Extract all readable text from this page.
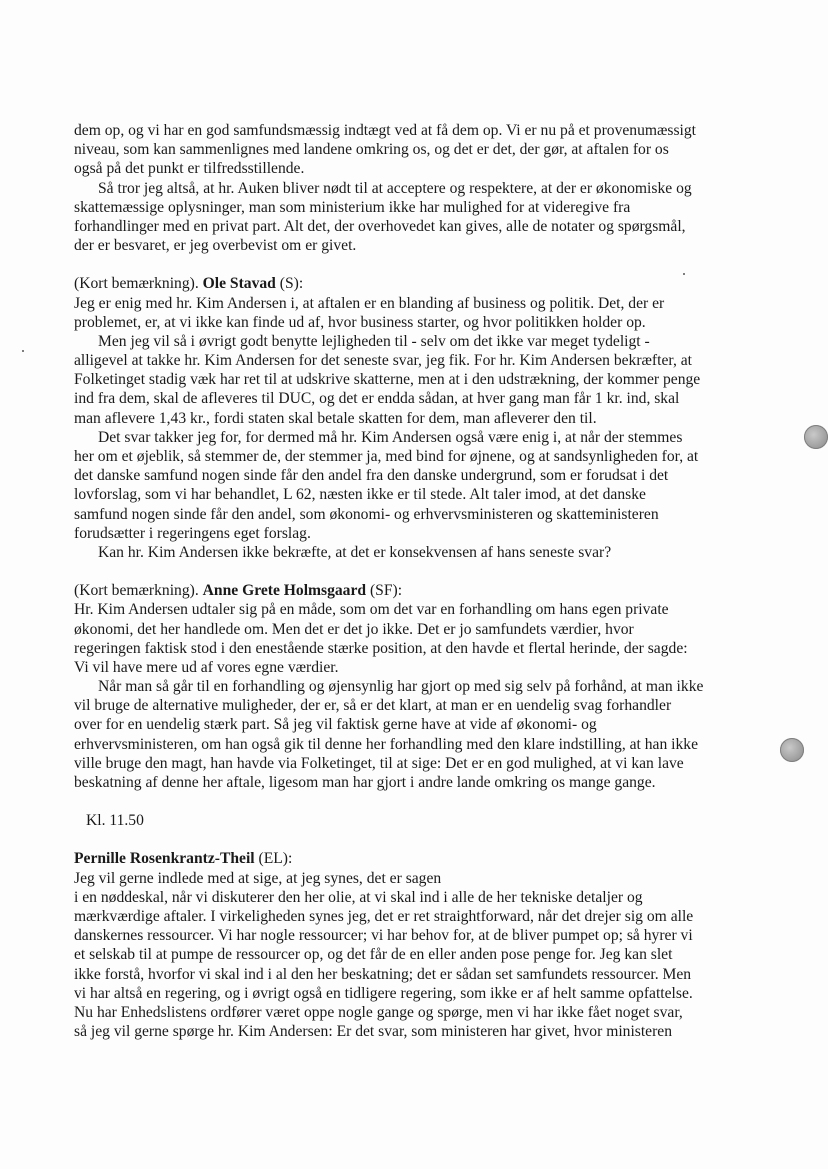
dem op, og vi har en god samfundsmæssig indtægt ved at få dem op. Vi er nu på et provenumæssigt
niveau, som kan sammenlignes med landene omkring os, og det er det, der gør, at aftalen for os
også på det punkt er tilfredsstillende.
Så tror jeg altså, at hr. Auken bliver nødt til at acceptere og respektere, at der er økonomiske og
skattemæssige oplysninger, man som ministerium ikke har mulighed for at videregive fra
forhandlinger med en privat part. Alt det, der overhovedet kan gives, alle de notater og spørgsmål,
der er besvaret, er jeg overbevist om er givet.
(Kort bemærkning). Ole Stavad (S):
Jeg er enig med hr. Kim Andersen i, at aftalen er en blanding af business og politik. Det, der er
problemet, er, at vi ikke kan finde ud af, hvor business starter, og hvor politikken holder op.
Men jeg vil så i øvrigt godt benytte lejligheden til - selv om det ikke var meget tydeligt -
alligevel at takke hr. Kim Andersen for det seneste svar, jeg fik. For hr. Kim Andersen bekræfter, at
Folketinget stadig væk har ret til at udskrive skatterne, men at i den udstrækning, der kommer penge
ind fra dem, skal de afleveres til DUC, og det er endda sådan, at hver gang man får 1 kr. ind, skal
man aflevere 1,43 kr., fordi staten skal betale skatten for dem, man afleverer den til.
Det svar takker jeg for, for dermed må hr. Kim Andersen også være enig i, at når der stemmes
her om et øjeblik, så stemmer de, der stemmer ja, med bind for øjnene, og at sandsynligheden for, at
det danske samfund nogen sinde får den andel fra den danske undergrund, som er forudsat i det
lovforslag, som vi har behandlet, L 62, næsten ikke er til stede. Alt taler imod, at det danske
samfund nogen sinde får den andel, som økonomi- og erhvervsministeren og skatteministeren
forudsætter i regeringens eget forslag.
Kan hr. Kim Andersen ikke bekræfte, at det er konsekvensen af hans seneste svar?
(Kort bemærkning). Anne Grete Holmsgaard (SF):
Hr. Kim Andersen udtaler sig på en måde, som om det var en forhandling om hans egen private
økonomi, det her handlede om. Men det er det jo ikke. Det er jo samfundets værdier, hvor
regeringen faktisk stod i den enestående stærke position, at den havde et flertal herinde, der sagde:
Vi vil have mere ud af vores egne værdier.
Når man så går til en forhandling og øjensynlig har gjort op med sig selv på forhånd, at man ikke
vil bruge de alternative muligheder, der er, så er det klart, at man er en uendelig svag forhandler
over for en uendelig stærk part. Så jeg vil faktisk gerne have at vide af økonomi- og
erhvervsministeren, om han også gik til denne her forhandling med den klare indstilling, at han ikke
ville bruge den magt, han havde via Folketinget, til at sige: Det er en god mulighed, at vi kan lave
beskatning af denne her aftale, ligesom man har gjort i andre lande omkring os mange gange.
Kl. 11.50
Pernille Rosenkrantz-Theil (EL):
Jeg vil gerne indlede med at sige, at jeg synes, det er sagen
i en nøddeskal, når vi diskuterer den her olie, at vi skal ind i alle de her tekniske detaljer og
mærkværdige aftaler. I virkeligheden synes jeg, det er ret straightforward, når det drejer sig om alle
danskernes ressourcer. Vi har nogle ressourcer; vi har behov for, at de bliver pumpet op; så hyrer vi
et selskab til at pumpe de ressourcer op, og det får de en eller anden pose penge for. Jeg kan slet
ikke forstå, hvorfor vi skal ind i al den her beskatning; det er sådan set samfundets ressourcer. Men
vi har altså en regering, og i øvrigt også en tidligere regering, som ikke er af helt samme opfattelse.
Nu har Enhedslistens ordfører været oppe nogle gange og spørge, men vi har ikke fået noget svar,
så jeg vil gerne spørge hr. Kim Andersen: Er det svar, som ministeren har givet, hvor ministeren
